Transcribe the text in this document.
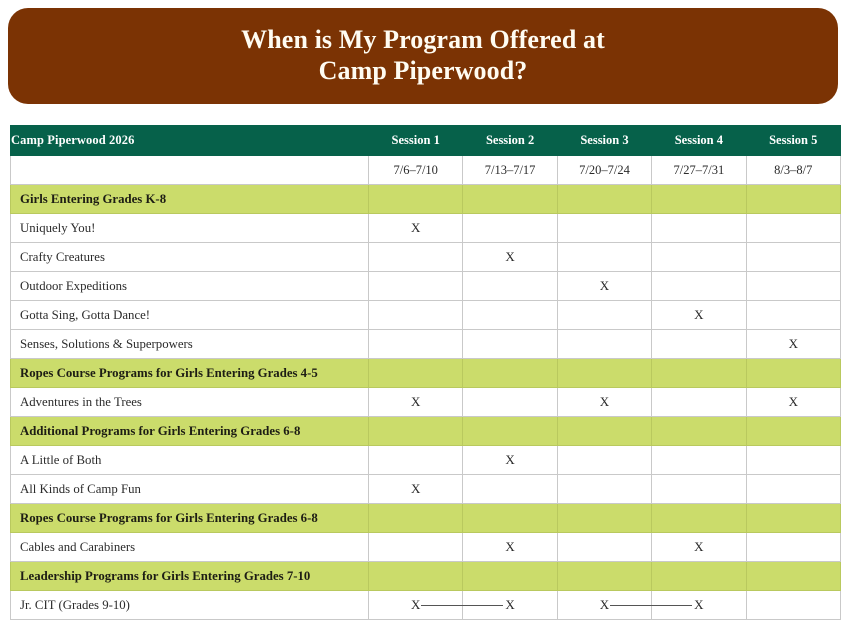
When is My Program Offered at
Camp Piperwood?
Camp Piperwood 2026	Session 1	Session 2	Session 3	Session 4	Session 5
	7/6–7/10	7/13–7/17	7/20–7/24	7/27–7/31	8/3–8/7
Girls Entering Grades K-8					
Uniquely You!	X				
Crafty Creatures		X			
Outdoor Expeditions			X		
Gotta Sing, Gotta Dance!				X	
Senses, Solutions & Superpowers					X
Ropes Course Programs for Girls Entering Grades 4-5					
Adventures in the Trees	X		X		X
Additional Programs for Girls Entering Grades 6-8					
A Little of Both		X			
All Kinds of Camp Fun	X				
Ropes Course Programs for Girls Entering Grades 6-8					
Cables and Carabiners		X		X	
Leadership Programs for Girls Entering Grades 7-10					
Jr. CIT (Grades 9-10)	X	X	X	X	
